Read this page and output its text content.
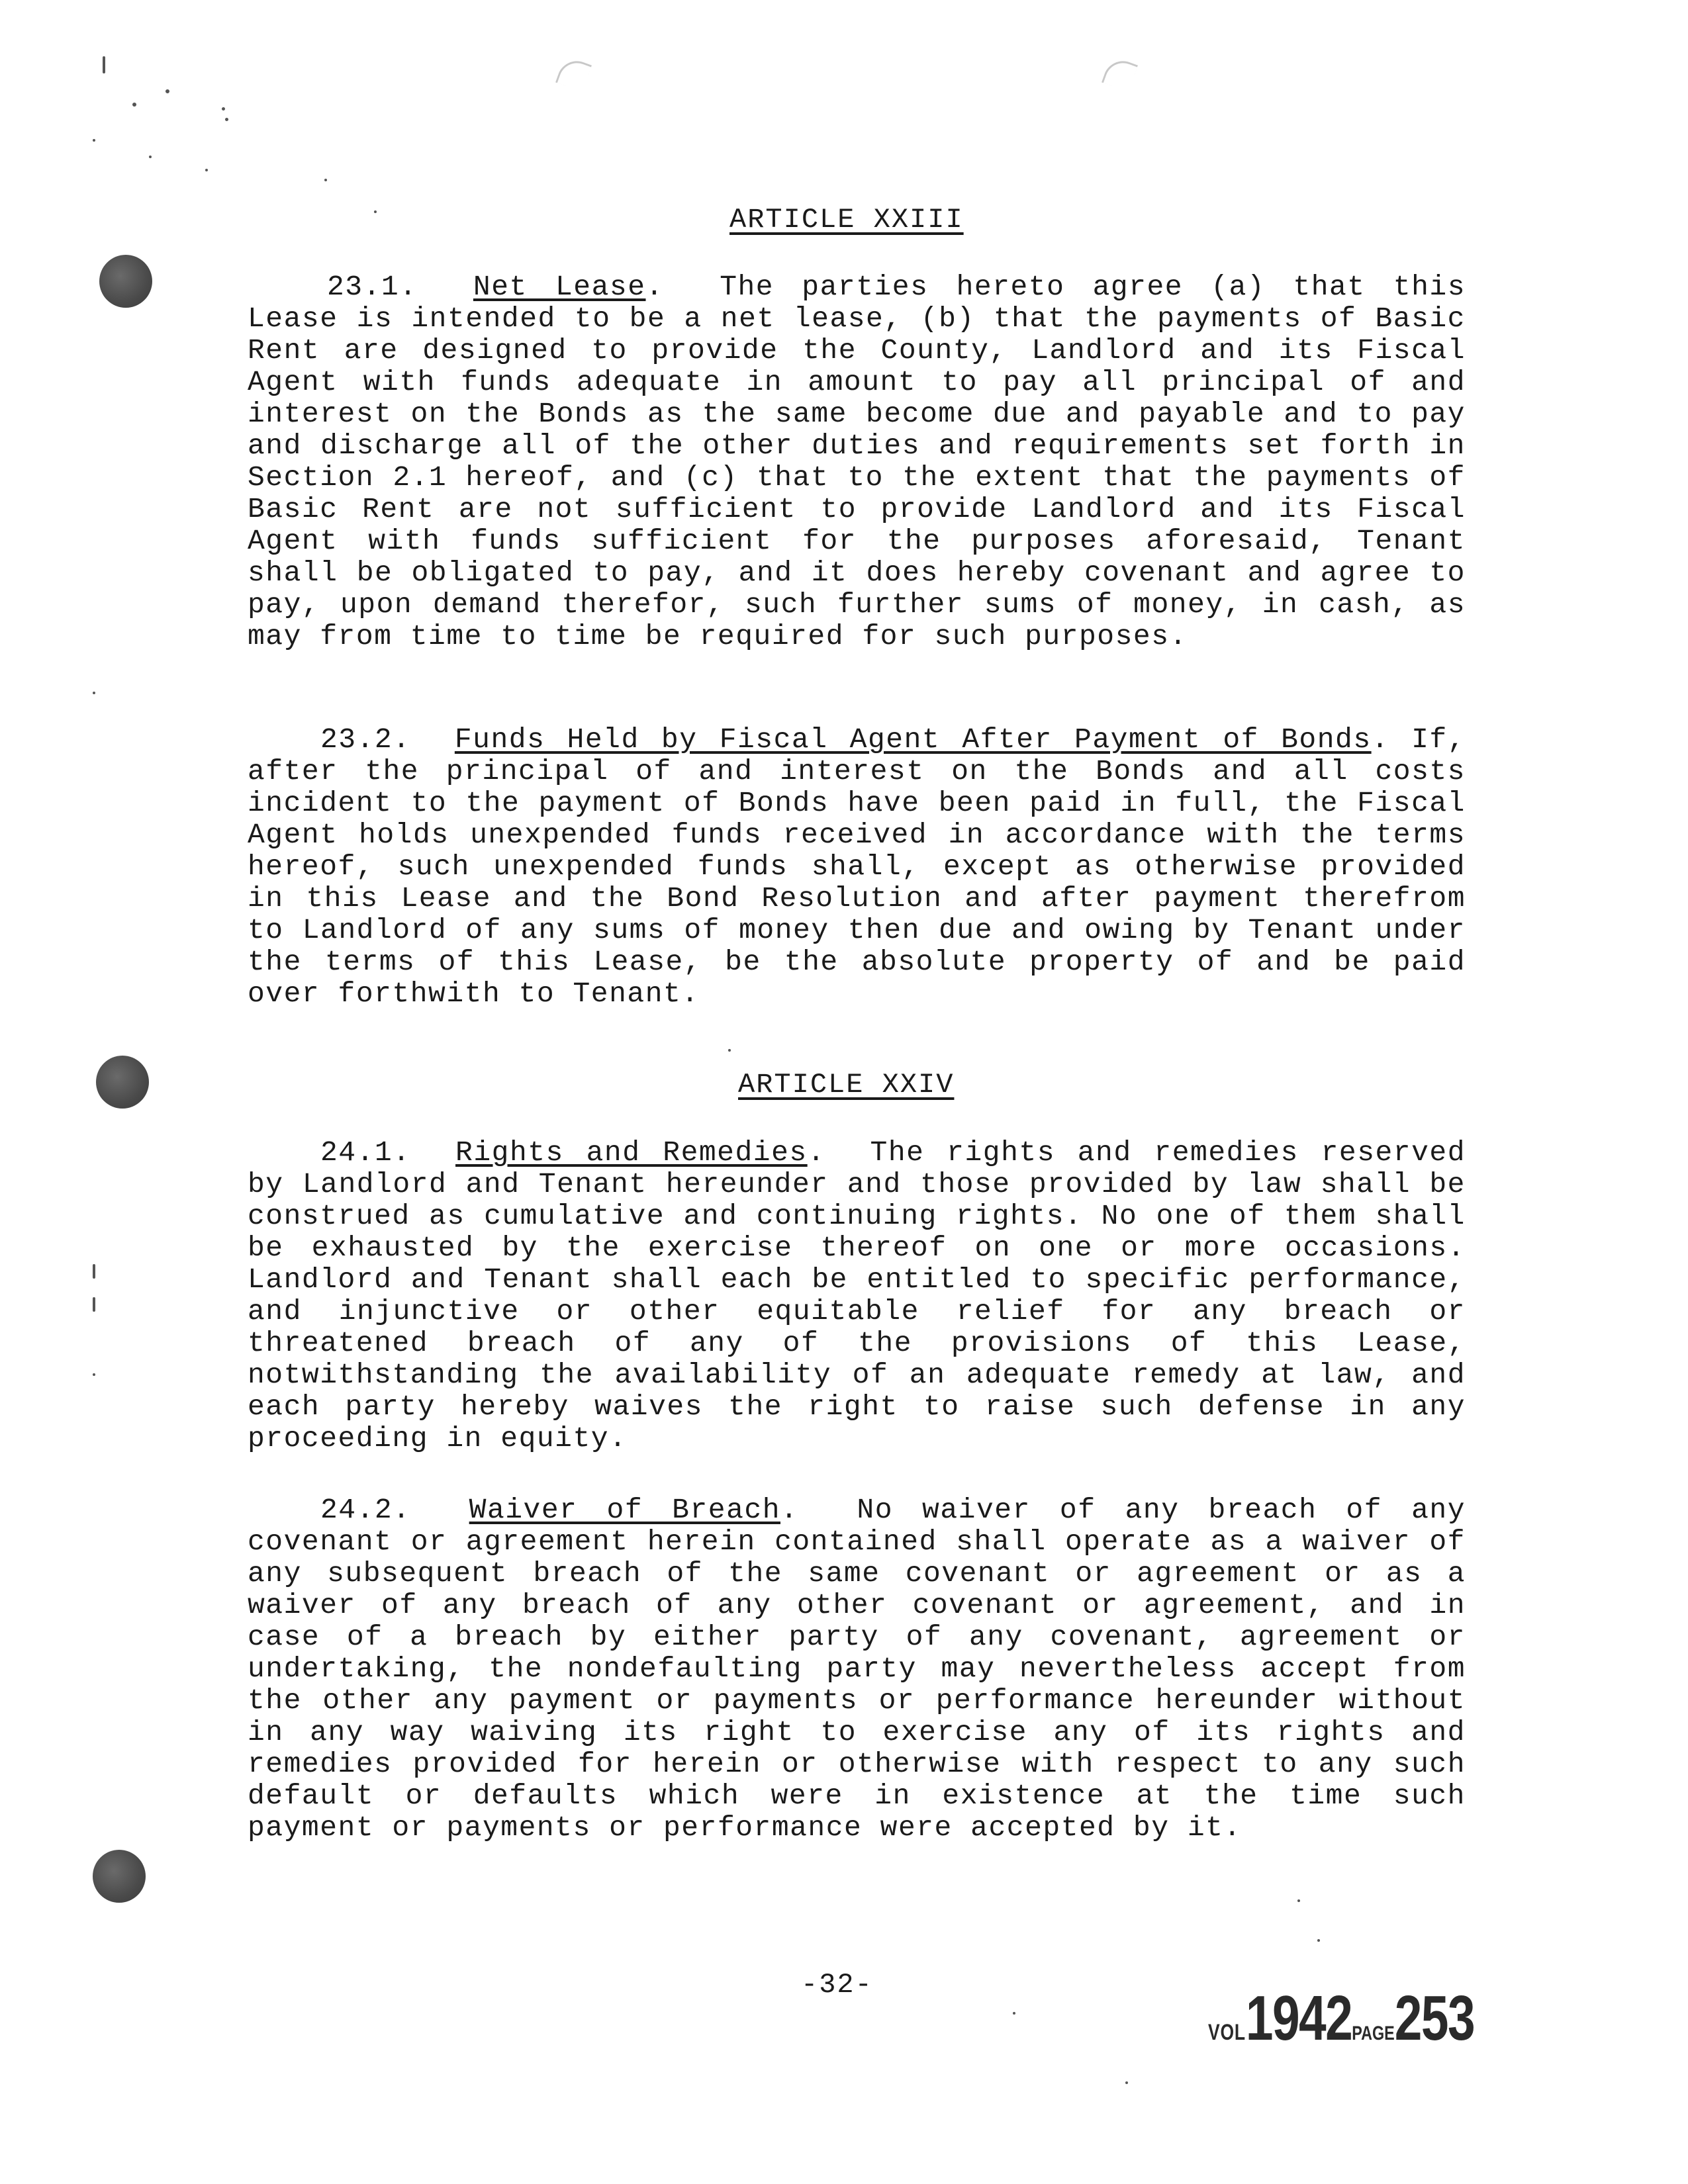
ARTICLE XXIII
23.1. Net Lease.  The parties hereto agree (a) that this Lease is intended to be a net lease, (b) that the payments of Basic Rent are designed to provide the County, Landlord and its Fiscal Agent with funds adequate in amount to pay all principal of and interest on the Bonds as the same become due and payable and to pay and discharge all of the other duties and requirements set forth in Section 2.1 hereof, and (c) that to the extent that the payments of Basic Rent are not sufficient to provide Landlord and its Fiscal Agent with funds sufficient for the purposes aforesaid, Tenant shall be obligated to pay, and it does hereby covenant and agree to pay, upon demand therefor, such further sums of money, in cash, as may from time to time be required for such purposes.
23.2. Funds Held by Fiscal Agent After Payment of Bonds. If, after the principal of and interest on the Bonds and all costs incident to the payment of Bonds have been paid in full, the Fiscal Agent holds unexpended funds received in accordance with the terms hereof, such unexpended funds shall, except as otherwise provided in this Lease and the Bond Resolution and after payment therefrom to Landlord of any sums of money then due and owing by Tenant under the terms of this Lease, be the absolute property of and be paid over forthwith to Tenant.
ARTICLE XXIV
24.1. Rights and Remedies.  The rights and remedies reserved by Landlord and Tenant hereunder and those provided by law shall be construed as cumulative and continuing rights. No one of them shall be exhausted by the exercise thereof on one or more occasions. Landlord and Tenant shall each be entitled to specific performance, and injunctive or other equitable relief for any breach or threatened breach of any of the provisions of this Lease, notwithstanding the availability of an adequate remedy at law, and each party hereby waives the right to raise such defense in any proceeding in equity.
24.2. Waiver of Breach.  No waiver of any breach of any covenant or agreement herein contained shall operate as a waiver of any subsequent breach of the same covenant or agreement or as a waiver of any breach of any other covenant or agreement, and in case of a breach by either party of any covenant, agreement or undertaking, the nondefaulting party may nevertheless accept from the other any payment or payments or performance hereunder without in any way waiving its right to exercise any of its rights and remedies provided for herein or otherwise with respect to any such default or defaults which were in existence at the time such payment or payments or performance were accepted by it.
-32-
VOL1942PAGE253
